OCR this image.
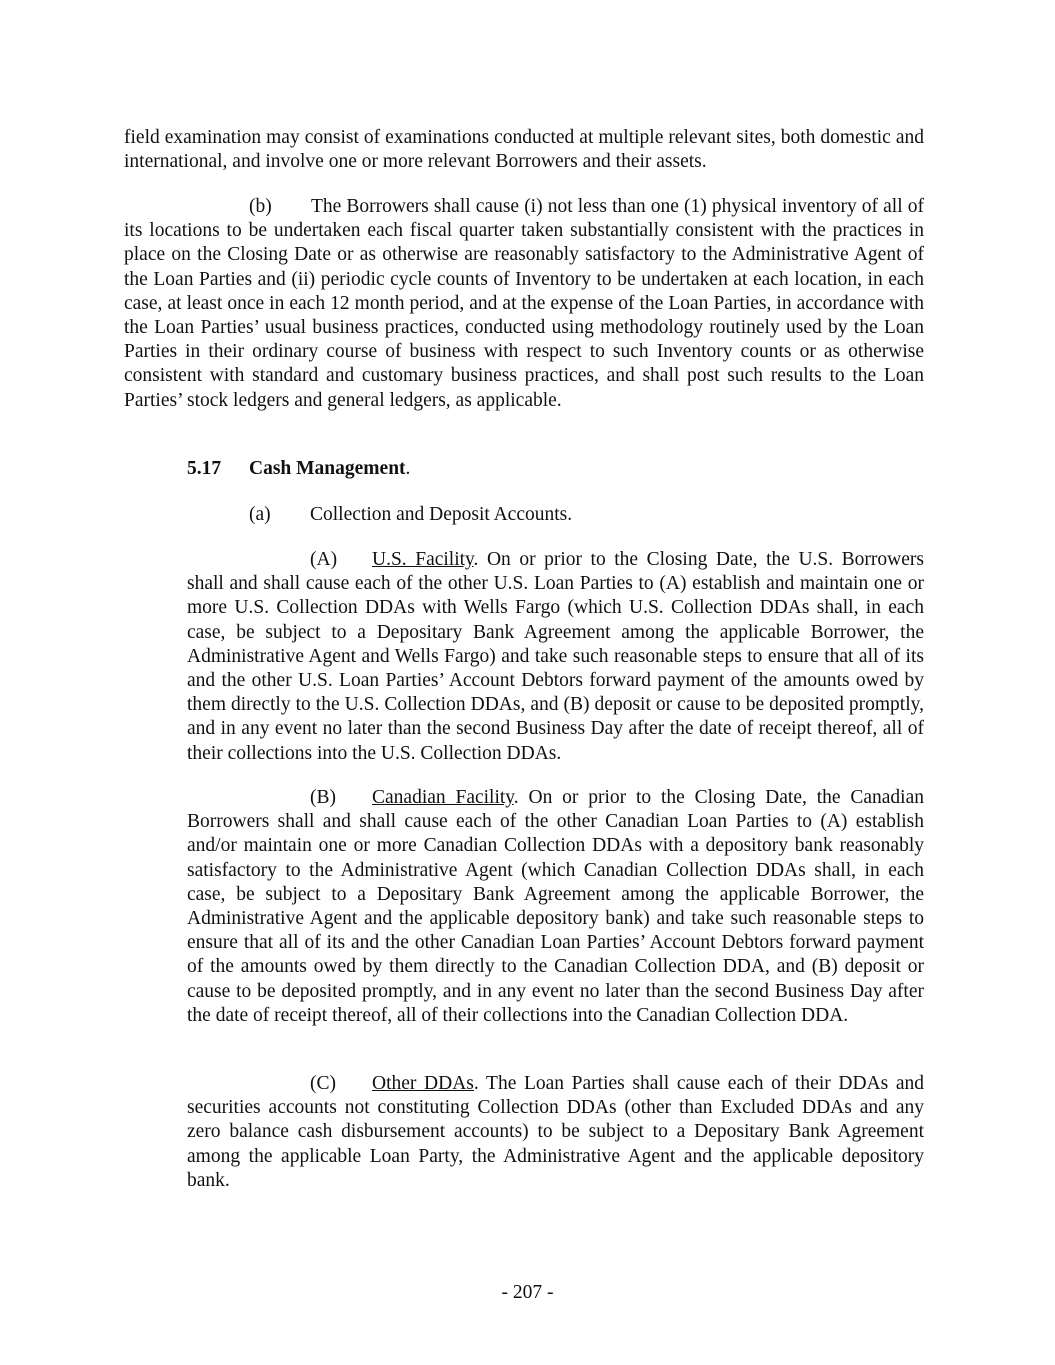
field examination may consist of examinations conducted at multiple relevant sites, both domestic and international, and involve one or more relevant Borrowers and their assets.

(b) The Borrowers shall cause (i) not less than one (1) physical inventory of all of its locations to be undertaken each fiscal quarter taken substantially consistent with the practices in place on the Closing Date or as otherwise are reasonably satisfactory to the Administrative Agent of the Loan Parties and (ii) periodic cycle counts of Inventory to be undertaken at each location, in each case, at least once in each 12 month period, and at the expense of the Loan Parties, in accordance with the Loan Parties’ usual business practices, conducted using methodology routinely used by the Loan Parties in their ordinary course of business with respect to such Inventory counts or as otherwise consistent with standard and customary business practices, and shall post such results to the Loan Parties’ stock ledgers and general ledgers, as applicable.

5.17 Cash Management.
(a) Collection and Deposit Accounts.

(A) U.S. Facility. On or prior to the Closing Date, the U.S. Borrowers shall and shall cause each of the other U.S. Loan Parties to (A) establish and maintain one or more U.S. Collection DDAs with Wells Fargo (which U.S. Collection DDAs shall, in each case, be subject to a Depositary Bank Agreement among the applicable Borrower, the Administrative Agent and Wells Fargo) and take such reasonable steps to ensure that all of its and the other U.S. Loan Parties’ Account Debtors forward payment of the amounts owed by them directly to the U.S. Collection DDAs, and (B) deposit or cause to be deposited promptly, and in any event no later than the second Business Day after the date of receipt thereof, all of their collections into the U.S. Collection DDAs.

(B) Canadian Facility. On or prior to the Closing Date, the Canadian Borrowers shall and shall cause each of the other Canadian Loan Parties to (A) establish and/or maintain one or more Canadian Collection DDAs with a depository bank reasonably satisfactory to the Administrative Agent (which Canadian Collection DDAs shall, in each case, be subject to a Depositary Bank Agreement among the applicable Borrower, the Administrative Agent and the applicable depository bank) and take such reasonable steps to ensure that all of its and the other Canadian Loan Parties’ Account Debtors forward payment of the amounts owed by them directly to the Canadian Collection DDA, and (B) deposit or cause to be deposited promptly, and in any event no later than the second Business Day after the date of receipt thereof, all of their collections into the Canadian Collection DDA.

(C) Other DDAs. The Loan Parties shall cause each of their DDAs and securities accounts not constituting Collection DDAs (other than Excluded DDAs and any zero balance cash disbursement accounts) to be subject to a Depositary Bank Agreement among the applicable Loan Party, the Administrative Agent and the applicable depository bank.

- 207 -
